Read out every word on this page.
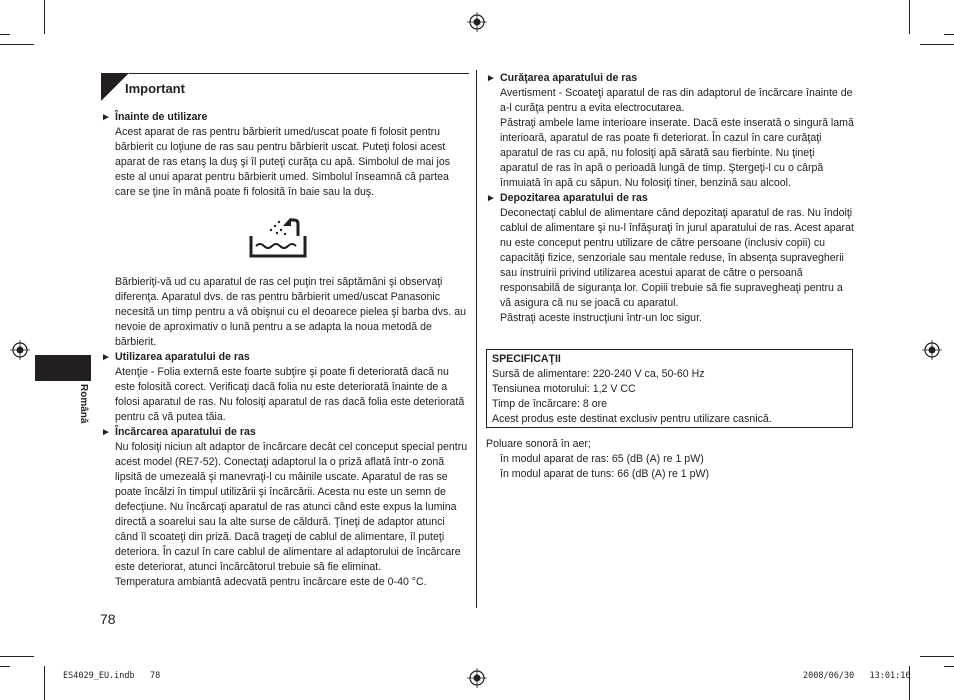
Română
Important
► Înainte de utilizare
Acest aparat de ras pentru bărbierit umed/uscat poate fi folosit pentru bărbierit cu loţiune de ras sau pentru bărbierit uscat. Puteţi folosi acest aparat de ras etanş la duş şi îl puteţi curăţa cu apă. Simbolul de mai jos este al unui aparat pentru bărbierit umed. Simbolul înseamnă că partea care se ţine în mână poate fi folosită în baie sau la duş.
Bărbieriţi-vă ud cu aparatul de ras cel puţin trei săptămâni şi observaţi diferenţa. Aparatul dvs. de ras pentru bărbierit umed/uscat Panasonic necesită un timp pentru a vă obişnui cu el deoarece pielea şi barba dvs. au nevoie de aproximativ o lună pentru a se adapta la noua metodă de bărbierit.
► Utilizarea aparatului de ras
Atenţie - Folia externă este foarte subţire şi poate fi deteriorată dacă nu este folosită corect. Verificaţi dacă folia nu este deteriorată înainte de a folosi aparatul de ras. Nu folosiţi aparatul de ras dacă folia este deteriorată pentru că vă putea tăia.
► Încărcarea aparatului de ras
Nu folosiţi niciun alt adaptor de încărcare decât cel conceput special pentru acest model (RE7-52). Conectaţi adaptorul la o priză aflată într-o zonă lipsită de umezeală şi manevraţi-l cu mâinile uscate. Aparatul de ras se poate încălzi în timpul utilizării şi încărcării. Acesta nu este un semn de defecţiune. Nu încărcaţi aparatul de ras atunci când este expus la lumina directă a soarelui sau la alte surse de căldură. Ţineţi de adaptor atunci când îl scoateţi din priză. Dacă trageţi de cablul de alimentare, îl puteţi deteriora. În cazul în care cablul de alimentare al adaptorului de încărcare este deteriorat, atunci încărcătorul trebuie să fie eliminat.
Temperatura ambiantă adecvată pentru încărcare este de 0-40 °C.
78
► Curăţarea aparatului de ras
Avertisment - Scoateţi aparatul de ras din adaptorul de încărcare înainte de a-l curăţa pentru a evita electrocutarea.
Păstraţi ambele lame interioare inserate. Dacă este inserată o singură lamă interioară, aparatul de ras poate fi deteriorat. În cazul în care curăţaţi aparatul de ras cu apă, nu folosiţi apă sărată sau fierbinte. Nu ţineţi aparatul de ras în apă o perioadă lungă de timp. Ştergeţi-l cu o cârpă înmuiată în apă cu săpun. Nu folosiţi tiner, benzină sau alcool.
► Depozitarea aparatului de ras
Deconectaţi cablul de alimentare când depozitaţi aparatul de ras. Nu îndoiţi cablul de alimentare şi nu-l înfăşuraţi în jurul aparatului de ras. Acest aparat nu este conceput pentru utilizare de către persoane (inclusiv copii) cu capacităţi fizice, senzoriale sau mentale reduse, în absenţa supravegherii sau instruirii privind utilizarea acestui aparat de către o persoană responsabilă de siguranţa lor. Copiii trebuie să fie supravegheaţi pentru a vă asigura că nu se joacă cu aparatul.
Păstraţi aceste instrucţiuni într-un loc sigur.
SPECIFICAŢII
Sursă de alimentare: 220-240 V ca, 50-60 Hz
Tensiunea motorului: 1,2 V CC
Timp de încărcare: 8 ore
Acest produs este destinat exclusiv pentru utilizare casnică.
Poluare sonoră în aer;
în modul aparat de ras: 65 (dB (A) re 1 pW)
în modul aparat de tuns: 66 (dB (A) re 1 pW)
ES4029_EU.indb   78	2008/06/30   13:01:16
